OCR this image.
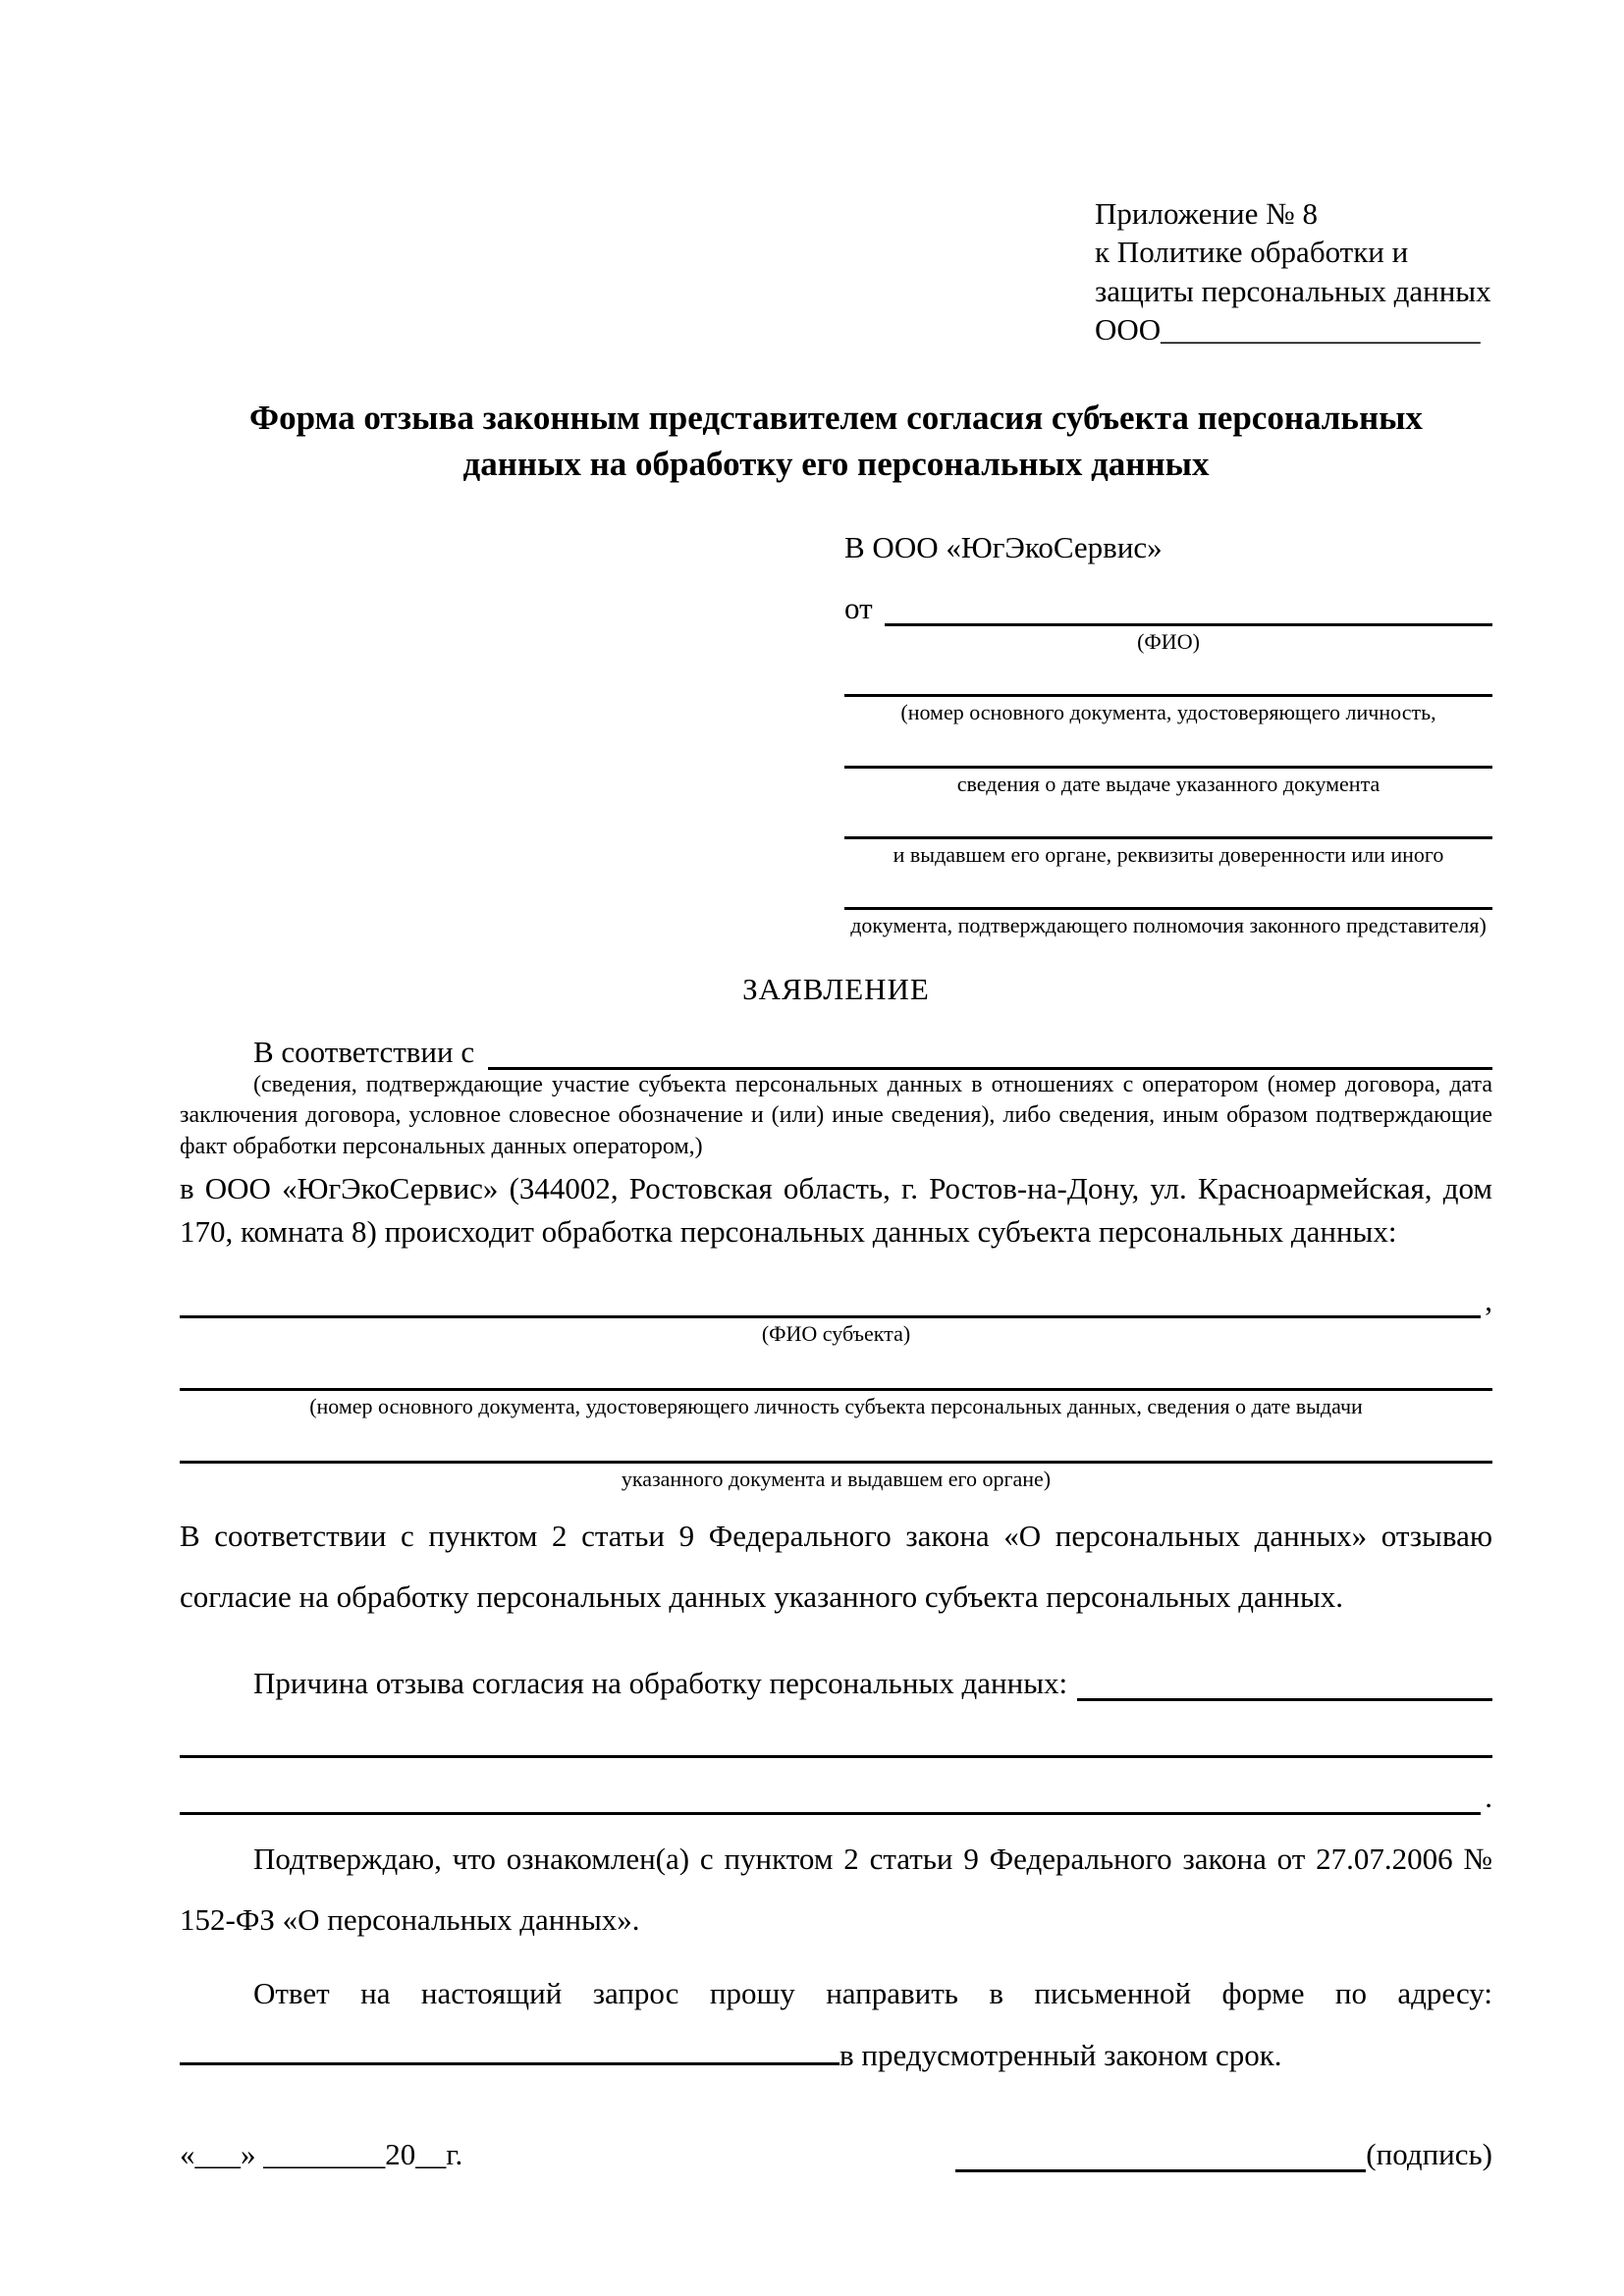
Приложение № 8
к Политике обработки и
защиты персональных данных
ООО_____________________
Форма отзыва законным представителем согласия субъекта персональных данных на обработку его персональных данных
В ООО «ЮгЭкоСервис»
от
(ФИО)
(номер основного документа, удостоверяющего личность,
сведения о дате выдаче указанного документа
и выдавшем его органе, реквизиты доверенности или иного
документа, подтверждающего полномочия законного представителя)
ЗАЯВЛЕНИЕ
В соответствии с
(сведения, подтверждающие участие субъекта персональных данных в отношениях с оператором (номер договора, дата заключения договора, условное словесное обозначение и (или) иные сведения), либо сведения, иным образом подтверждающие факт обработки персональных данных оператором,)
в ООО «ЮгЭкоСервис» (344002, Ростовская область, г. Ростов-на-Дону, ул. Красноармейская, дом 170, комната 8) происходит обработка персональных данных субъекта персональных данных:
,
(ФИО субъекта)
(номер основного документа, удостоверяющего личность субъекта персональных данных, сведения о дате выдачи
указанного документа и выдавшем его органе)
В соответствии с пунктом 2 статьи 9 Федерального закона «О персональных данных» отзываю согласие на обработку персональных данных указанного субъекта персональных данных.
Причина отзыва согласия на обработку персональных данных:
.
Подтверждаю, что ознакомлен(а) с пунктом 2 статьи 9 Федерального закона от 27.07.2006 № 152-ФЗ «О персональных данных».
Ответ на настоящий запрос прошу направить в письменной форме по адресу: в предусмотренный законом срок.
«___» ________20__г.	(подпись)
